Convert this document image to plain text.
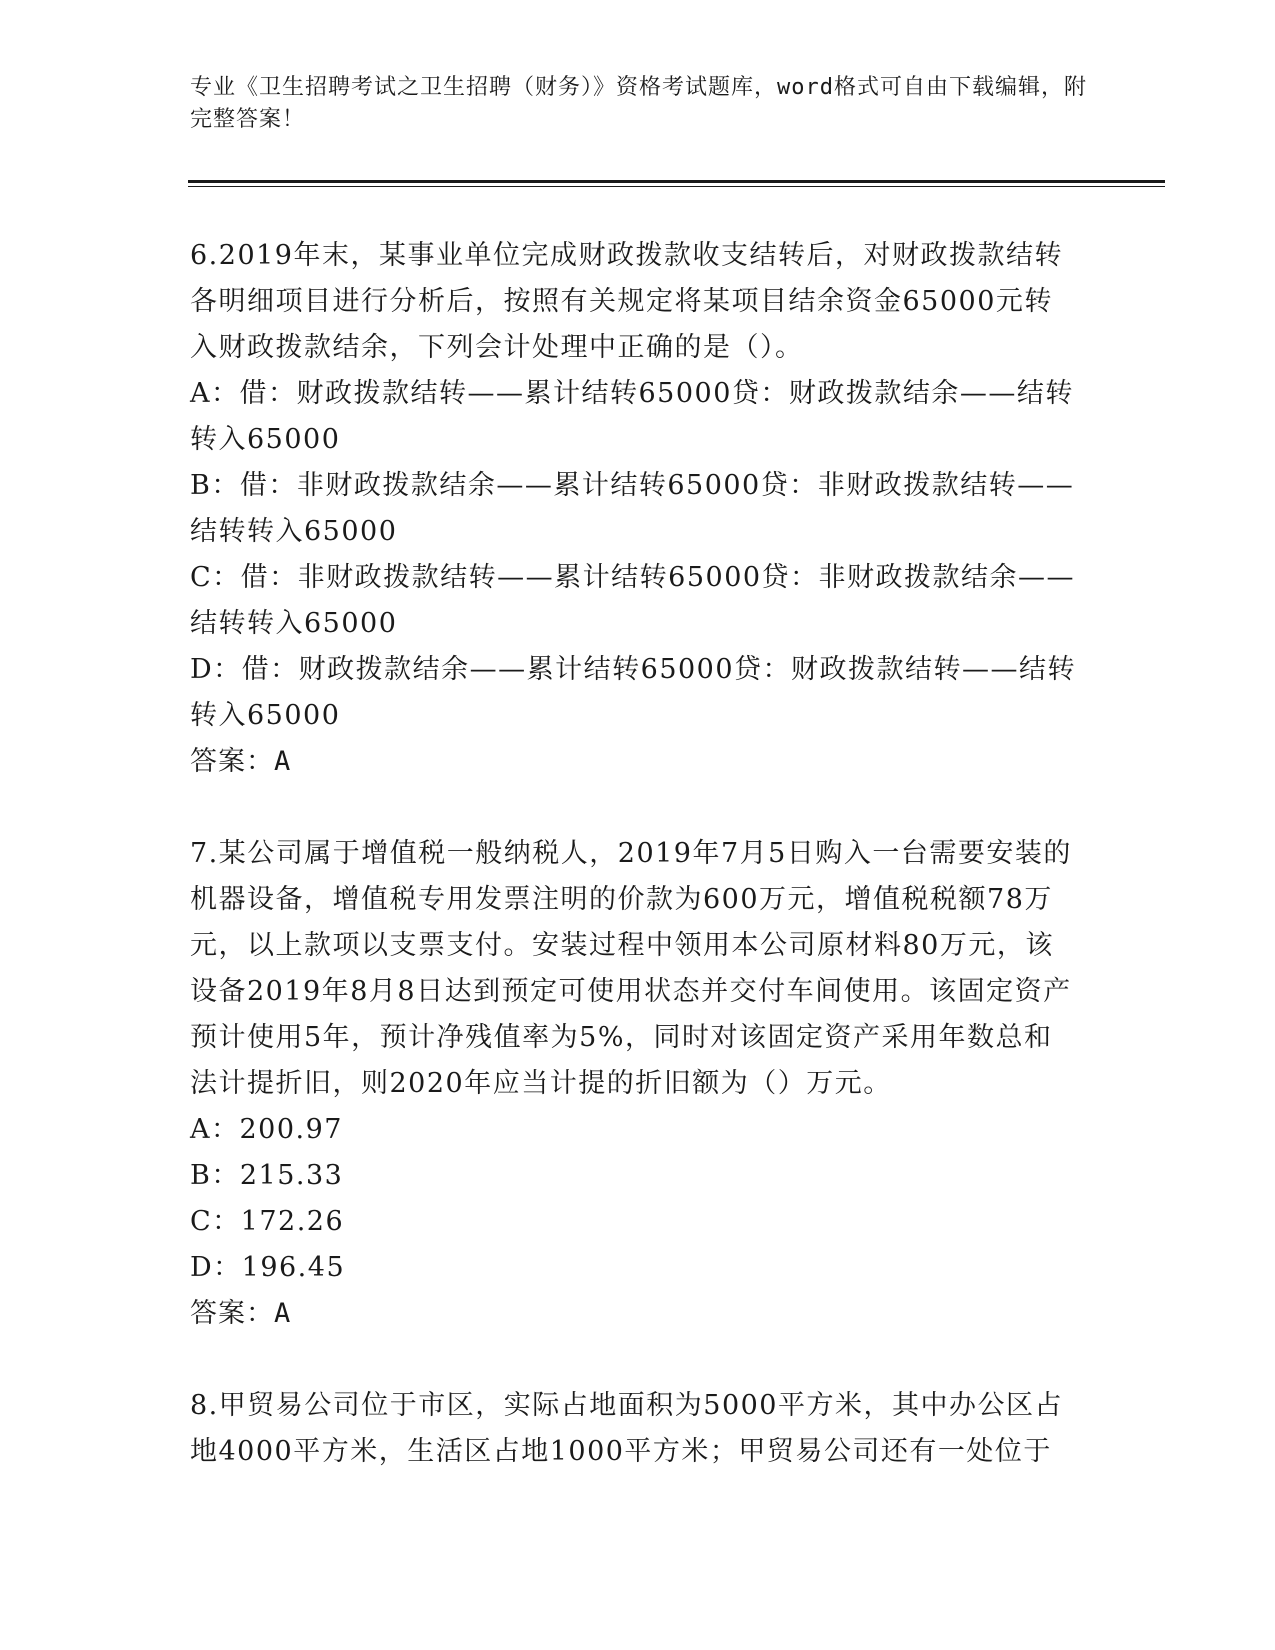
专业《卫生招聘考试之卫生招聘（财务）》资格考试题库，word格式可自由下载编辑，附完整答案！

6.2019年末，某事业单位完成财政拨款收支结转后，对财政拨款结转各明细项目进行分析后，按照有关规定将某项目结余资金65000元转入财政拨款结余，下列会计处理中正确的是（）。

A：借：财政拨款结转——累计结转65000贷：财政拨款结余——结转转入65000

B：借：非财政拨款结余——累计结转65000贷：非财政拨款结转——结转转入65000

C：借：非财政拨款结转——累计结转65000贷：非财政拨款结余——结转转入65000

D：借：财政拨款结余——累计结转65000贷：财政拨款结转——结转转入65000

答案：A

7.某公司属于增值税一般纳税人，2019年7月5日购入一台需要安装的机器设备，增值税专用发票注明的价款为600万元，增值税税额78万元，以上款项以支票支付。安装过程中领用本公司原材料80万元，该设备2019年8月8日达到预定可使用状态并交付车间使用。该固定资产预计使用5年，预计净残值率为5%，同时对该固定资产采用年数总和法计提折旧，则2020年应当计提的折旧额为（）万元。

A：200.97

B：215.33

C：172.26

D：196.45

答案：A

8.甲贸易公司位于市区，实际占地面积为5000平方米，其中办公区占地4000平方米，生活区占地1000平方米；甲贸易公司还有一处位于
